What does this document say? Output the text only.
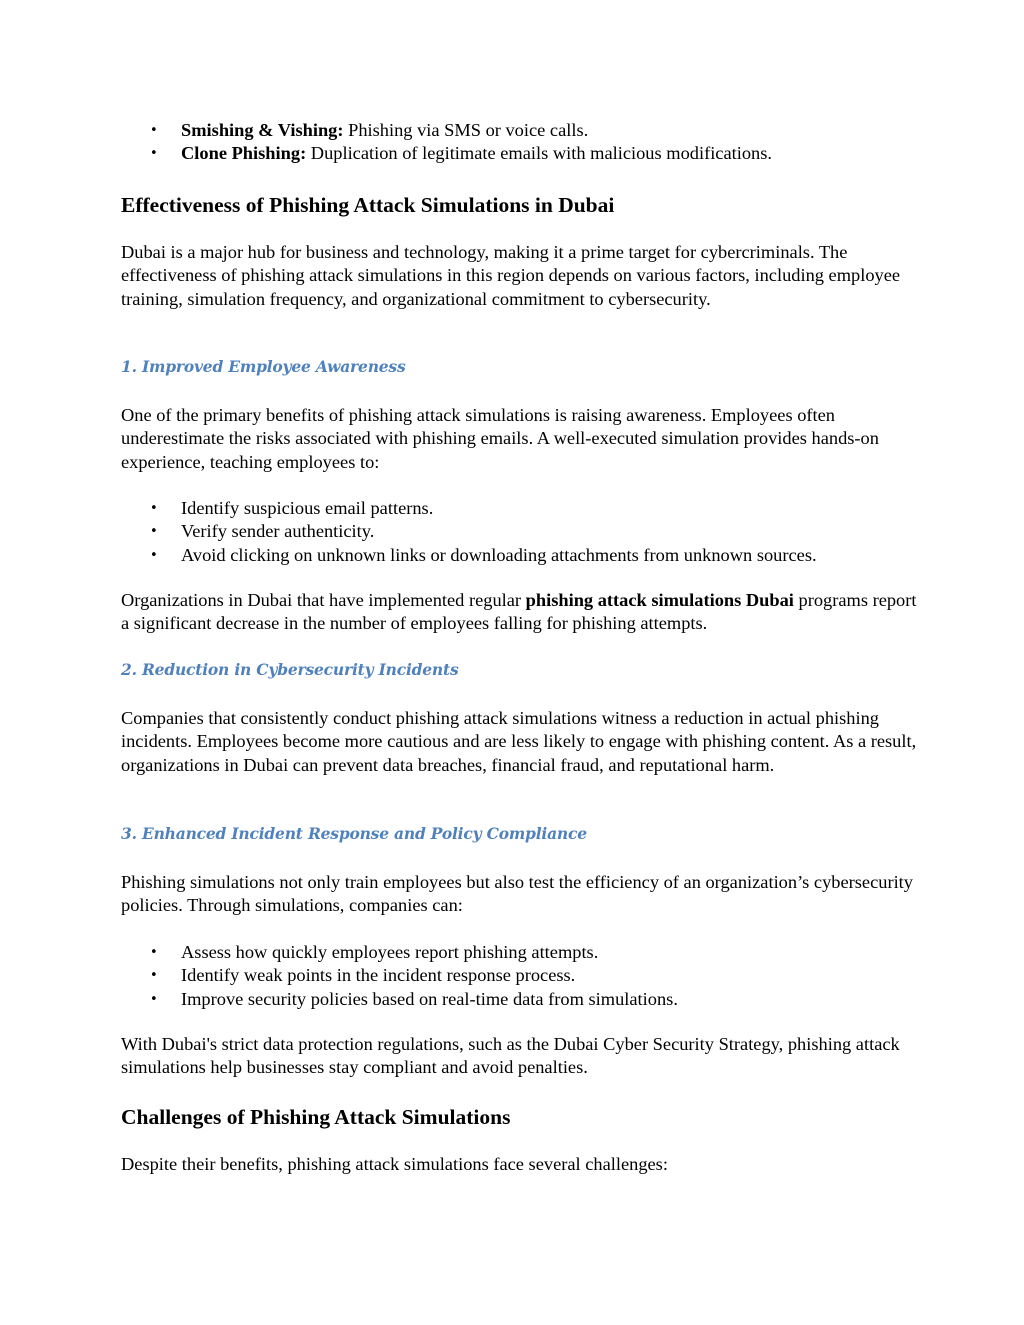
• Smishing & Vishing: Phishing via SMS or voice calls.
• Clone Phishing: Duplication of legitimate emails with malicious modifications.
Effectiveness of Phishing Attack Simulations in Dubai

Dubai is a major hub for business and technology, making it a prime target for cybercriminals. The effectiveness of phishing attack simulations in this region depends on various factors, including employee training, simulation frequency, and organizational commitment to cybersecurity.

1. Improved Employee Awareness

One of the primary benefits of phishing attack simulations is raising awareness. Employees often underestimate the risks associated with phishing emails. A well-executed simulation provides hands-on experience, teaching employees to:

• Identify suspicious email patterns.
• Verify sender authenticity.
• Avoid clicking on unknown links or downloading attachments from unknown sources.

Organizations in Dubai that have implemented regular phishing attack simulations Dubai programs report a significant decrease in the number of employees falling for phishing attempts.

2. Reduction in Cybersecurity Incidents

Companies that consistently conduct phishing attack simulations witness a reduction in actual phishing incidents. Employees become more cautious and are less likely to engage with phishing content. As a result, organizations in Dubai can prevent data breaches, financial fraud, and reputational harm.

3. Enhanced Incident Response and Policy Compliance

Phishing simulations not only train employees but also test the efficiency of an organization’s cybersecurity policies. Through simulations, companies can:

• Assess how quickly employees report phishing attempts.
• Identify weak points in the incident response process.
• Improve security policies based on real-time data from simulations.

With Dubai's strict data protection regulations, such as the Dubai Cyber Security Strategy, phishing attack simulations help businesses stay compliant and avoid penalties.

Challenges of Phishing Attack Simulations

Despite their benefits, phishing attack simulations face several challenges:
